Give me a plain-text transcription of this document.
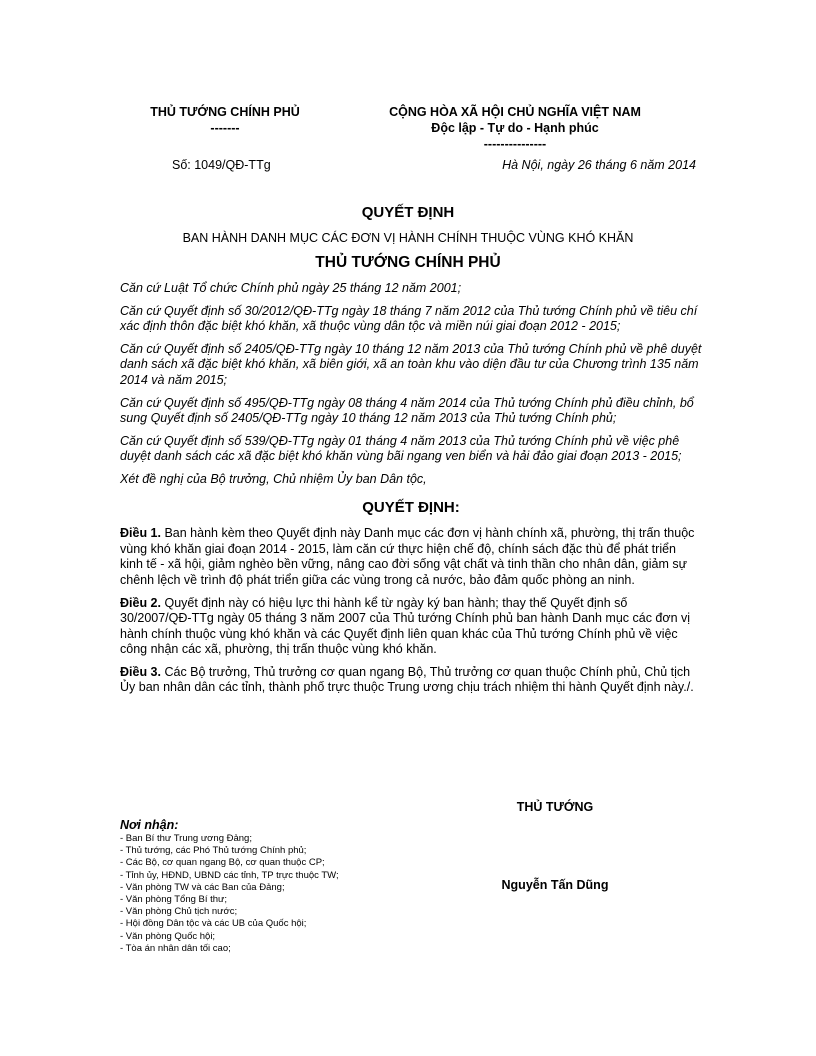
THỦ TƯỚNG CHÍNH PHỦ
-------
CỘNG HÒA XÃ HỘI CHỦ NGHĨA VIỆT NAM
Độc lập - Tự do - Hạnh phúc
---------------
Số: 1049/QĐ-TTg	Hà Nội, ngày 26 tháng 6 năm 2014
QUYẾT ĐỊNH
BAN HÀNH DANH MỤC CÁC ĐƠN VỊ HÀNH CHÍNH THUỘC VÙNG KHÓ KHĂN
THỦ TƯỚNG CHÍNH PHỦ

Căn cứ Luật Tổ chức Chính phủ ngày 25 tháng 12 năm 2001;

Căn cứ Quyết định số 30/2012/QĐ-TTg ngày 18 tháng 7 năm 2012 của Thủ tướng Chính phủ về tiêu chí xác định thôn đặc biệt khó khăn, xã thuộc vùng dân tộc và miền núi giai đoạn 2012 - 2015;

Căn cứ Quyết định số 2405/QĐ-TTg ngày 10 tháng 12 năm 2013 của Thủ tướng Chính phủ về phê duyệt danh sách xã đặc biệt khó khăn, xã biên giới, xã an toàn khu vào diện đầu tư của Chương trình 135 năm 2014 và năm 2015;

Căn cứ Quyết định số 495/QĐ-TTg ngày 08 tháng 4 năm 2014 của Thủ tướng Chính phủ điều chỉnh, bổ sung Quyết định số 2405/QĐ-TTg ngày 10 tháng 12 năm 2013 của Thủ tướng Chính phủ;

Căn cứ Quyết định số 539/QĐ-TTg ngày 01 tháng 4 năm 2013 của Thủ tướng Chính phủ về việc phê duyệt danh sách các xã đặc biệt khó khăn vùng bãi ngang ven biển và hải đảo giai đoạn 2013 - 2015;

Xét đề nghị của Bộ trưởng, Chủ nhiệm Ủy ban Dân tộc,

QUYẾT ĐỊNH:

Điều 1. Ban hành kèm theo Quyết định này Danh mục các đơn vị hành chính xã, phường, thị trấn thuộc vùng khó khăn giai đoạn 2014 - 2015, làm căn cứ thực hiện chế độ, chính sách đặc thù để phát triển kinh tế - xã hội, giảm nghèo bền vững, nâng cao đời sống vật chất và tinh thần cho nhân dân, giảm sự chênh lệch về trình độ phát triển giữa các vùng trong cả nước, bảo đảm quốc phòng an ninh.

Điều 2. Quyết định này có hiệu lực thi hành kể từ ngày ký ban hành; thay thế Quyết định số 30/2007/QĐ-TTg ngày 05 tháng 3 năm 2007 của Thủ tướng Chính phủ ban hành Danh mục các đơn vị hành chính thuộc vùng khó khăn và các Quyết định liên quan khác của Thủ tướng Chính phủ về việc công nhận các xã, phường, thị trấn thuộc vùng khó khăn.

Điều 3. Các Bộ trưởng, Thủ trưởng cơ quan ngang Bộ, Thủ trưởng cơ quan thuộc Chính phủ, Chủ tịch Ủy ban nhân dân các tỉnh, thành phố trực thuộc Trung ương chịu trách nhiệm thi hành Quyết định này./.

THỦ TƯỚNG
Nguyễn Tấn Dũng
Nơi nhận:
- Ban Bí thư Trung ương Đảng;
- Thủ tướng, các Phó Thủ tướng Chính phủ;
- Các Bộ, cơ quan ngang Bộ, cơ quan thuộc CP;
- Tỉnh ủy, HĐND, UBND các tỉnh, TP trực thuộc TW;
- Văn phòng TW và các Ban của Đảng;
- Văn phòng Tổng Bí thư;
- Văn phòng Chủ tịch nước;
- Hội đồng Dân tộc và các UB của Quốc hội;
- Văn phòng Quốc hội;
- Tòa án nhân dân tối cao;
